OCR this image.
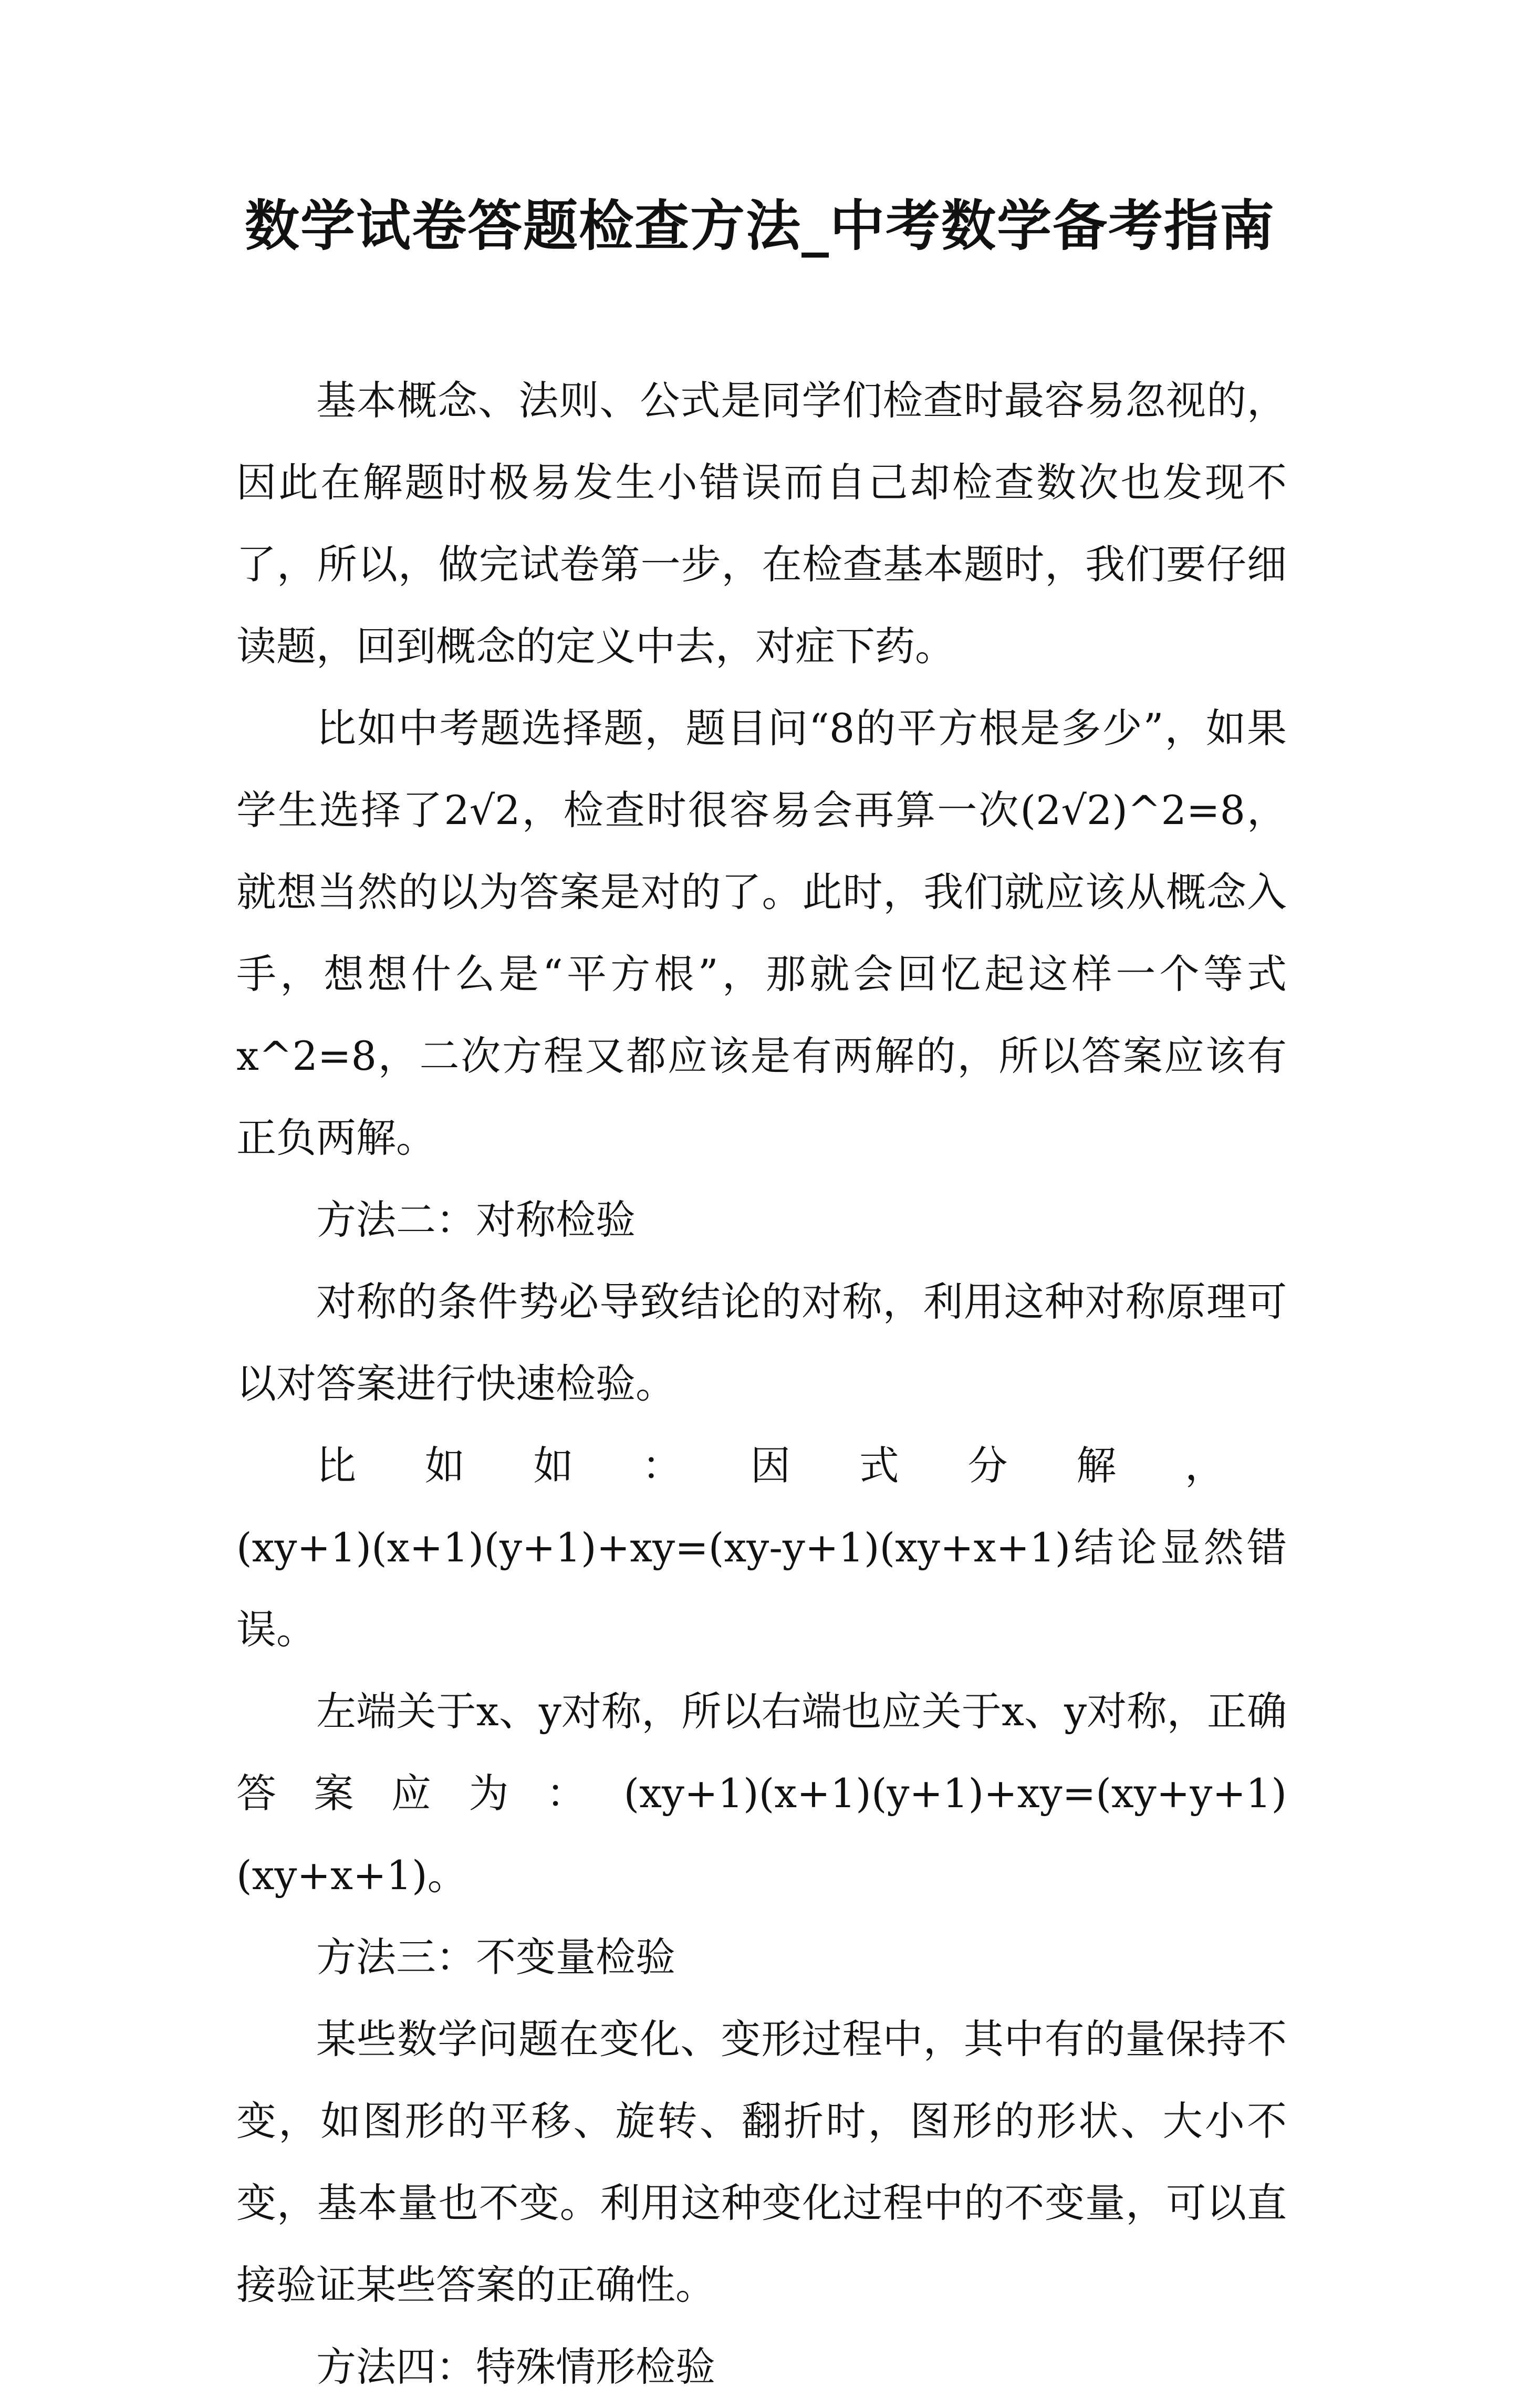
数学试卷答题检查方法_中考数学备考指南

基本概念、法则、公式是同学们检查时最容易忽视的，因此在解题时极易发生小错误而自己却检查数次也发现不了，所以，做完试卷第一步，在检查基本题时，我们要仔细读题，回到概念的定义中去，对症下药。

比如中考题选择题，题目问“8的平方根是多少”，如果学生选择了2√2，检查时很容易会再算一次(2√2)^2=8，就想当然的以为答案是对的了。此时，我们就应该从概念入手，想想什么是“平方根”，那就会回忆起这样一个等式x^2=8，二次方程又都应该是有两解的，所以答案应该有正负两解。

方法二：对称检验

对称的条件势必导致结论的对称，利用这种对称原理可以对答案进行快速检验。

比如如：因式分解，

(xy+1)(x+1)(y+1)+xy=(xy-y+1)(xy+x+1)结论显然错误。

左端关于x、y对称，所以右端也应关于x、y对称，正确答案应为：(xy+1)(x+1)(y+1)+xy=(xy+y+1)(xy+x+1)。

方法三：不变量检验

某些数学问题在变化、变形过程中，其中有的量保持不变，如图形的平移、旋转、翻折时，图形的形状、大小不变，基本量也不变。利用这种变化过程中的不变量，可以直接验证某些答案的正确性。

方法四：特殊情形检验
